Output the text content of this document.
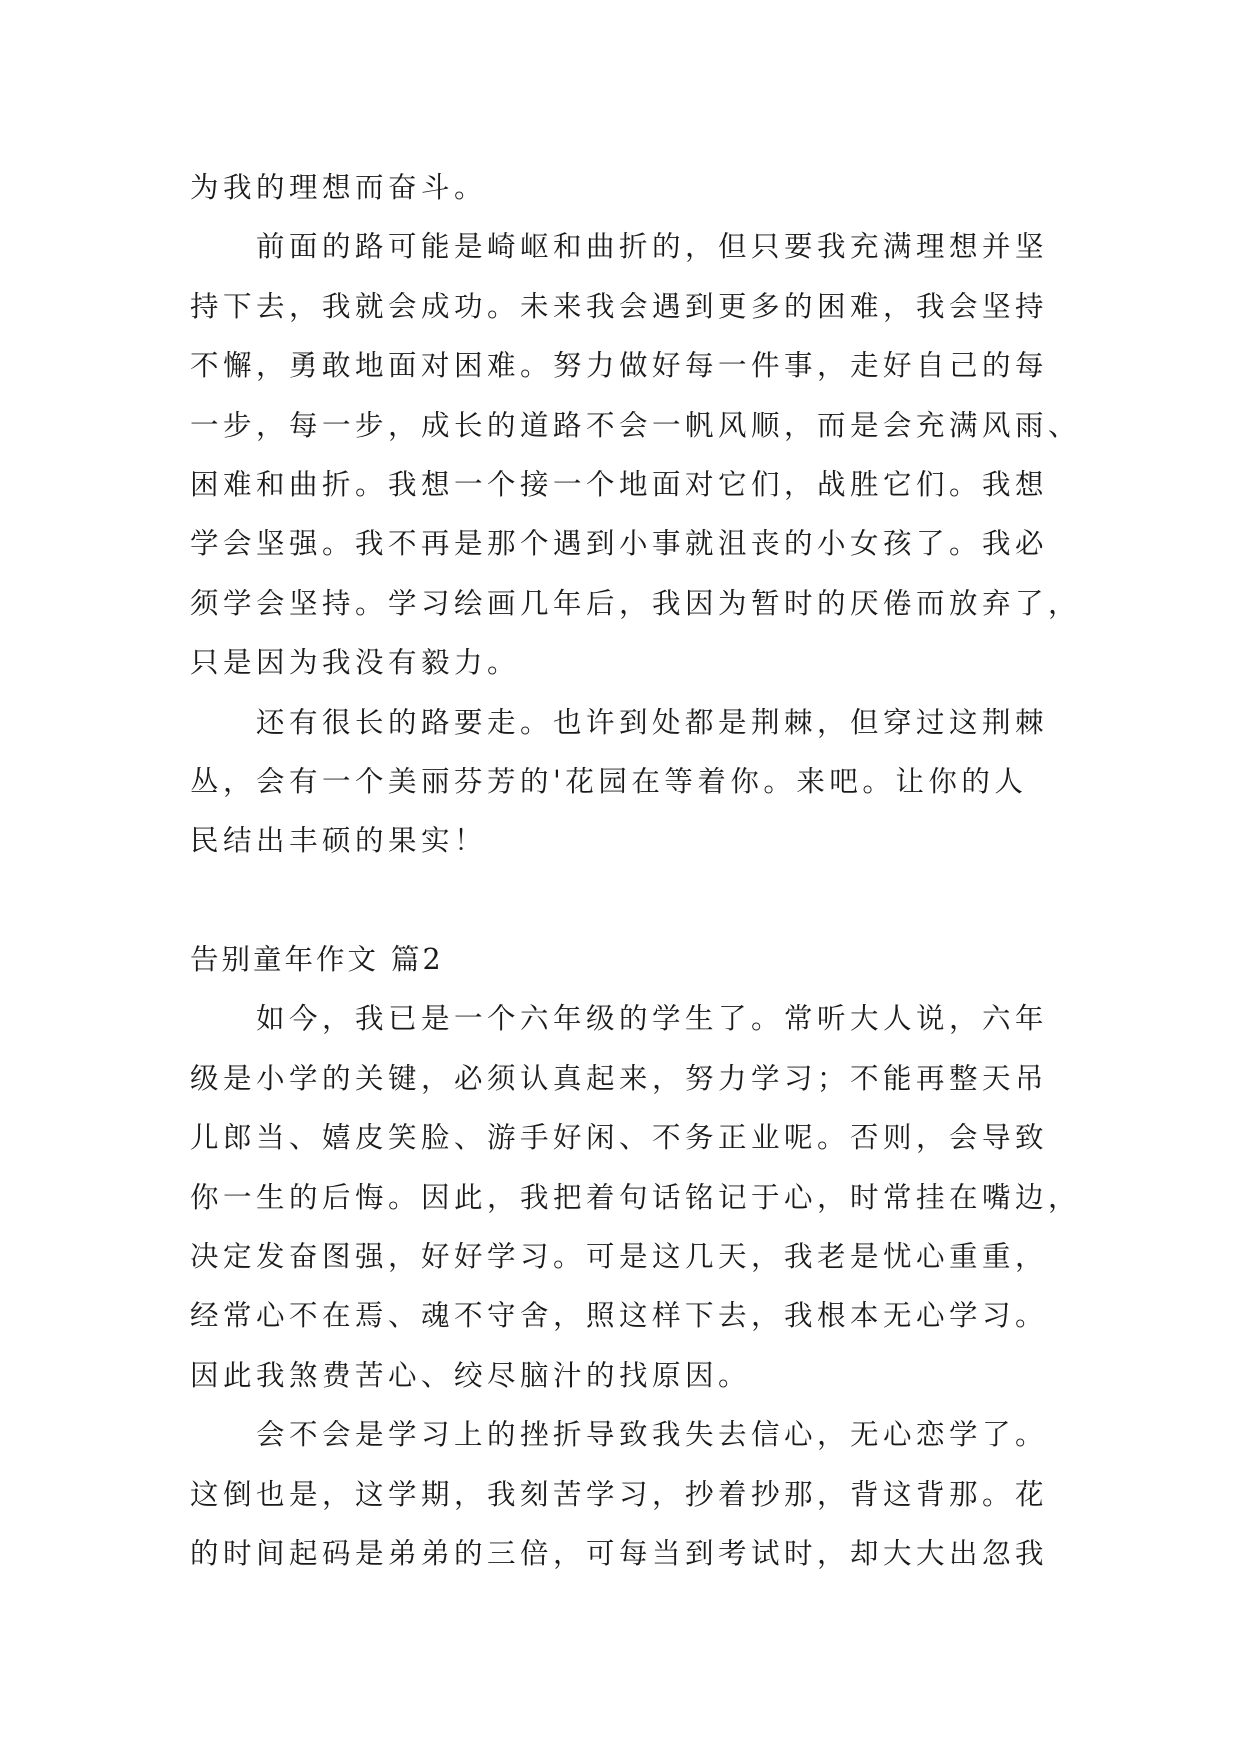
为我的理想而奋斗。
前面的路可能是崎岖和曲折的，但只要我充满理想并坚
持下去，我就会成功。未来我会遇到更多的困难，我会坚持
不懈，勇敢地面对困难。努力做好每一件事，走好自己的每
一步，每一步，成长的道路不会一帆风顺，而是会充满风雨、
困难和曲折。我想一个接一个地面对它们，战胜它们。我想
学会坚强。我不再是那个遇到小事就沮丧的小女孩了。我必
须学会坚持。学习绘画几年后，我因为暂时的厌倦而放弃了，
只是因为我没有毅力。
还有很长的路要走。也许到处都是荆棘，但穿过这荆棘
丛，会有一个美丽芬芳的'花园在等着你。来吧。让你的人
民结出丰硕的果实！
告别童年作文 篇2
如今，我已是一个六年级的学生了。常听大人说，六年
级是小学的关键，必须认真起来，努力学习；不能再整天吊
儿郎当、嬉皮笑脸、游手好闲、不务正业呢。否则，会导致
你一生的后悔。因此，我把着句话铭记于心，时常挂在嘴边，
决定发奋图强，好好学习。可是这几天，我老是忧心重重，
经常心不在焉、魂不守舍，照这样下去，我根本无心学习。
因此我煞费苦心、绞尽脑汁的找原因。
会不会是学习上的挫折导致我失去信心，无心恋学了。
这倒也是，这学期，我刻苦学习，抄着抄那，背这背那。花
的时间起码是弟弟的三倍，可每当到考试时，却大大出忽我
